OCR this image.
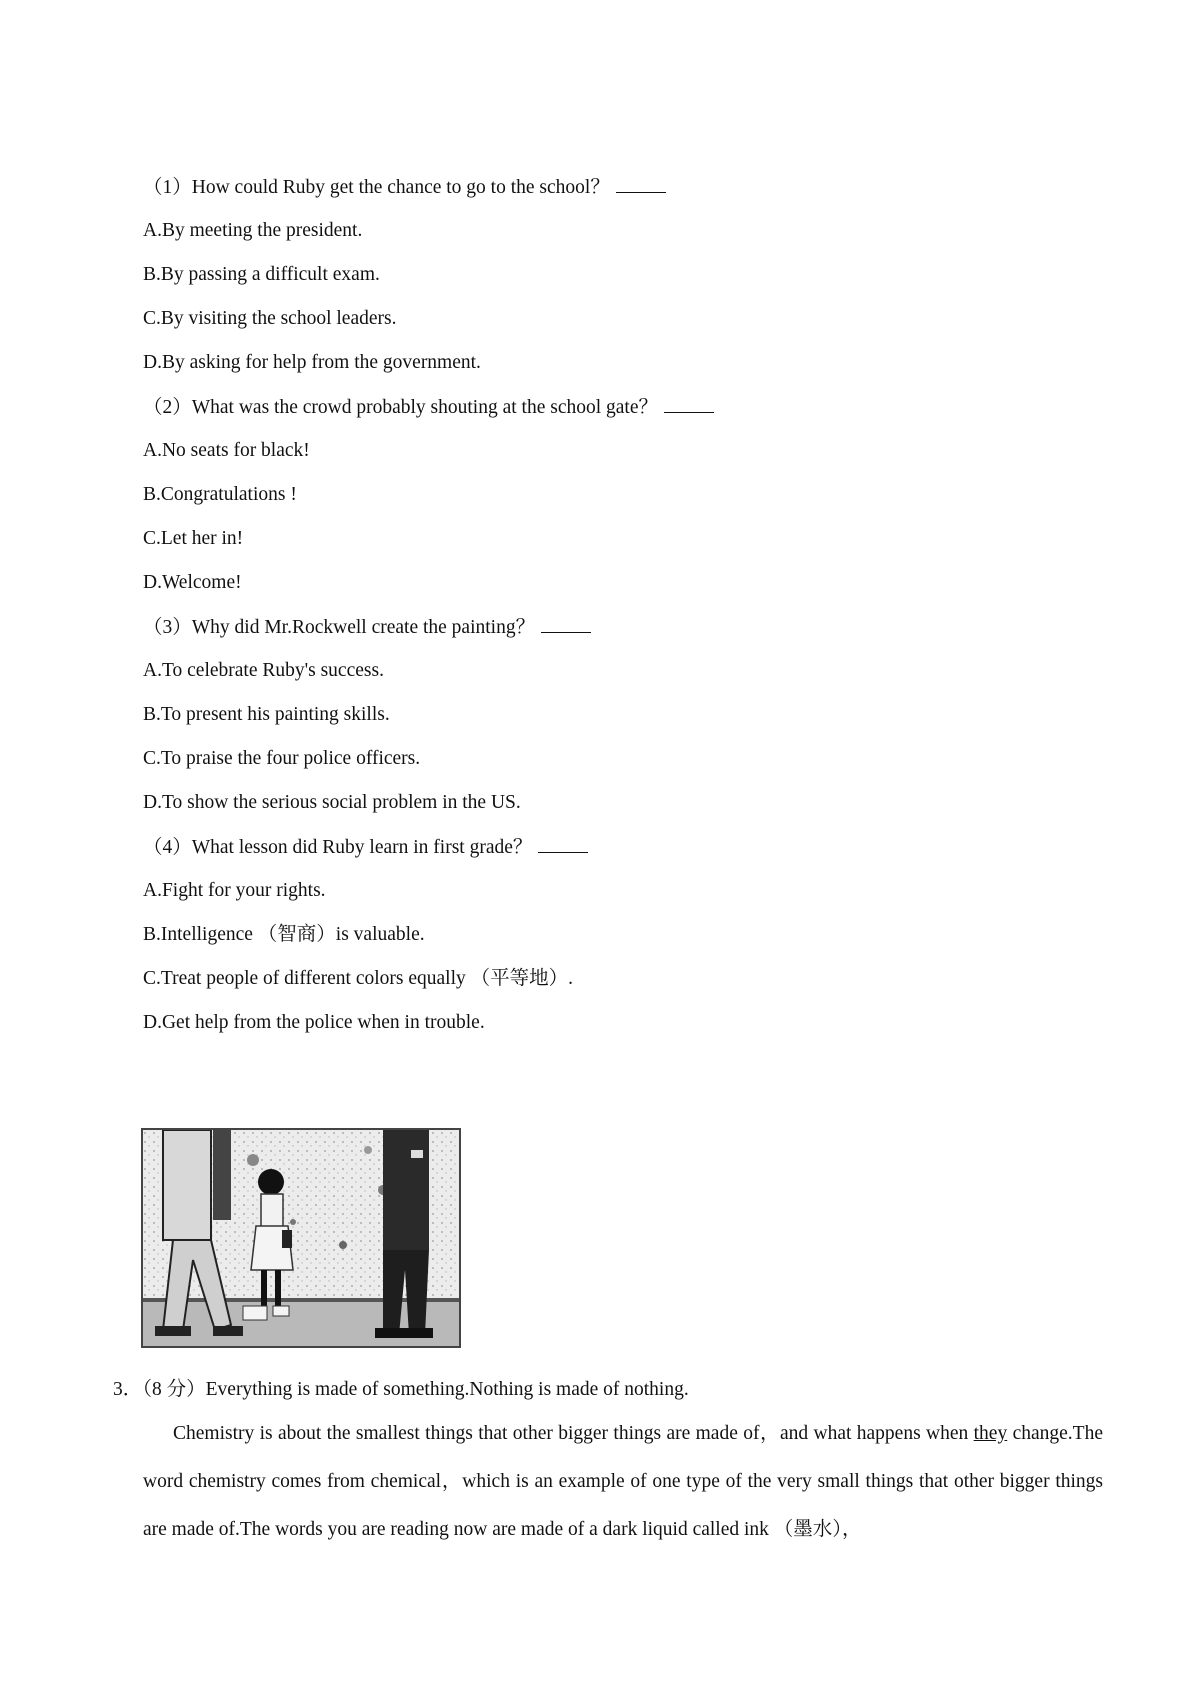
（1）How could Ruby get the chance to go to the school？
A.By meeting the president.
B.By passing a difficult exam.
C.By visiting the school leaders.
D.By asking for help from the government.
（2）What was the crowd probably shouting at the school gate？
A.No seats for black!
B.Congratulations !
C.Let her in!
D.Welcome!
（3）Why did Mr.Rockwell create the painting？
A.To celebrate Ruby's success.
B.To present his painting skills.
C.To praise the four police officers.
D.To show the serious social problem in the US.
（4）What lesson did Ruby learn in first grade？
A.Fight for your rights.
B.Intelligence （智商）is valuable.
C.Treat people of different colors equally （平等地）.
D.Get help from the police when in trouble.
3．（8 分）Everything is made of something.Nothing is made of nothing.
Chemistry is about the smallest things that other bigger things are made of，and what happens when they change.The word chemistry comes from chemical，which is an example of one type of the very small things that other bigger things are made of.The words you are reading now are made of a dark liquid called ink （墨水），
